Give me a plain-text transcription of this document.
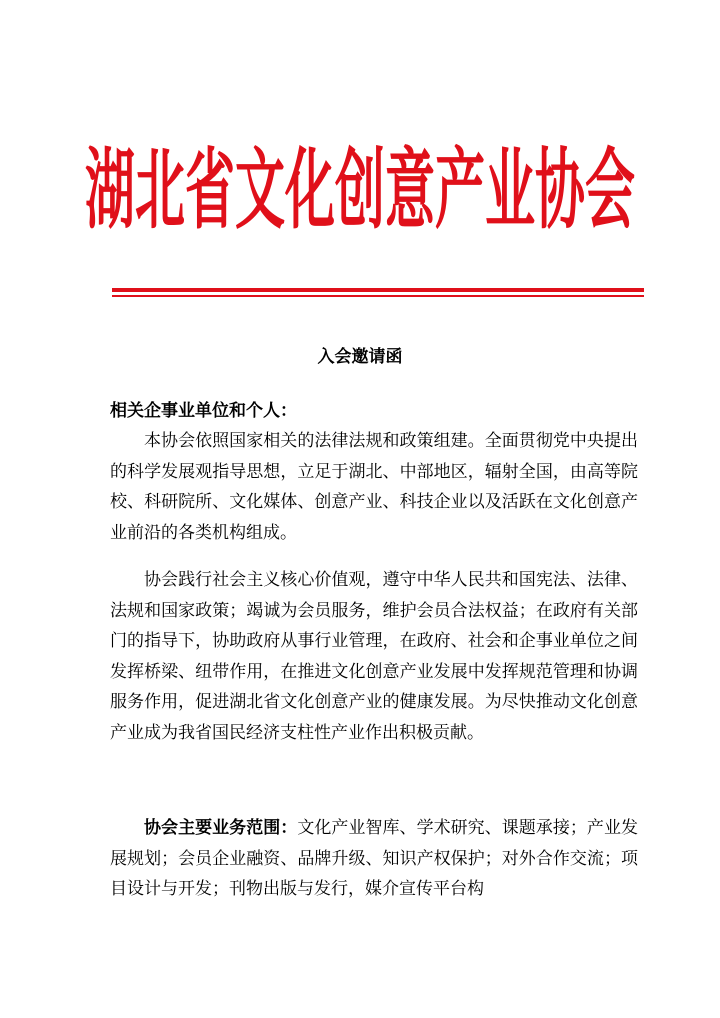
湖北省文化创意产业协会
入会邀请函
相关企事业单位和个人：

本协会依照国家相关的法律法规和政策组建。全面贯彻党中央提出的科学发展观指导思想，立足于湖北、中部地区，辐射全国，由高等院校、科研院所、文化媒体、创意产业、科技企业以及活跃在文化创意产业前沿的各类机构组成。

协会践行社会主义核心价值观，遵守中华人民共和国宪法、法律、法规和国家政策；竭诚为会员服务，维护会员合法权益；在政府有关部门的指导下，协助政府从事行业管理，在政府、社会和企事业单位之间发挥桥梁、纽带作用，在推进文化创意产业发展中发挥规范管理和协调服务作用，促进湖北省文化创意产业的健康发展。为尽快推动文化创意产业成为我省国民经济支柱性产业作出积极贡献。

协会主要业务范围：文化产业智库、学术研究、课题承接；产业发展规划；会员企业融资、品牌升级、知识产权保护；对外合作交流；项目设计与开发；刊物出版与发行，媒介宣传平台构
